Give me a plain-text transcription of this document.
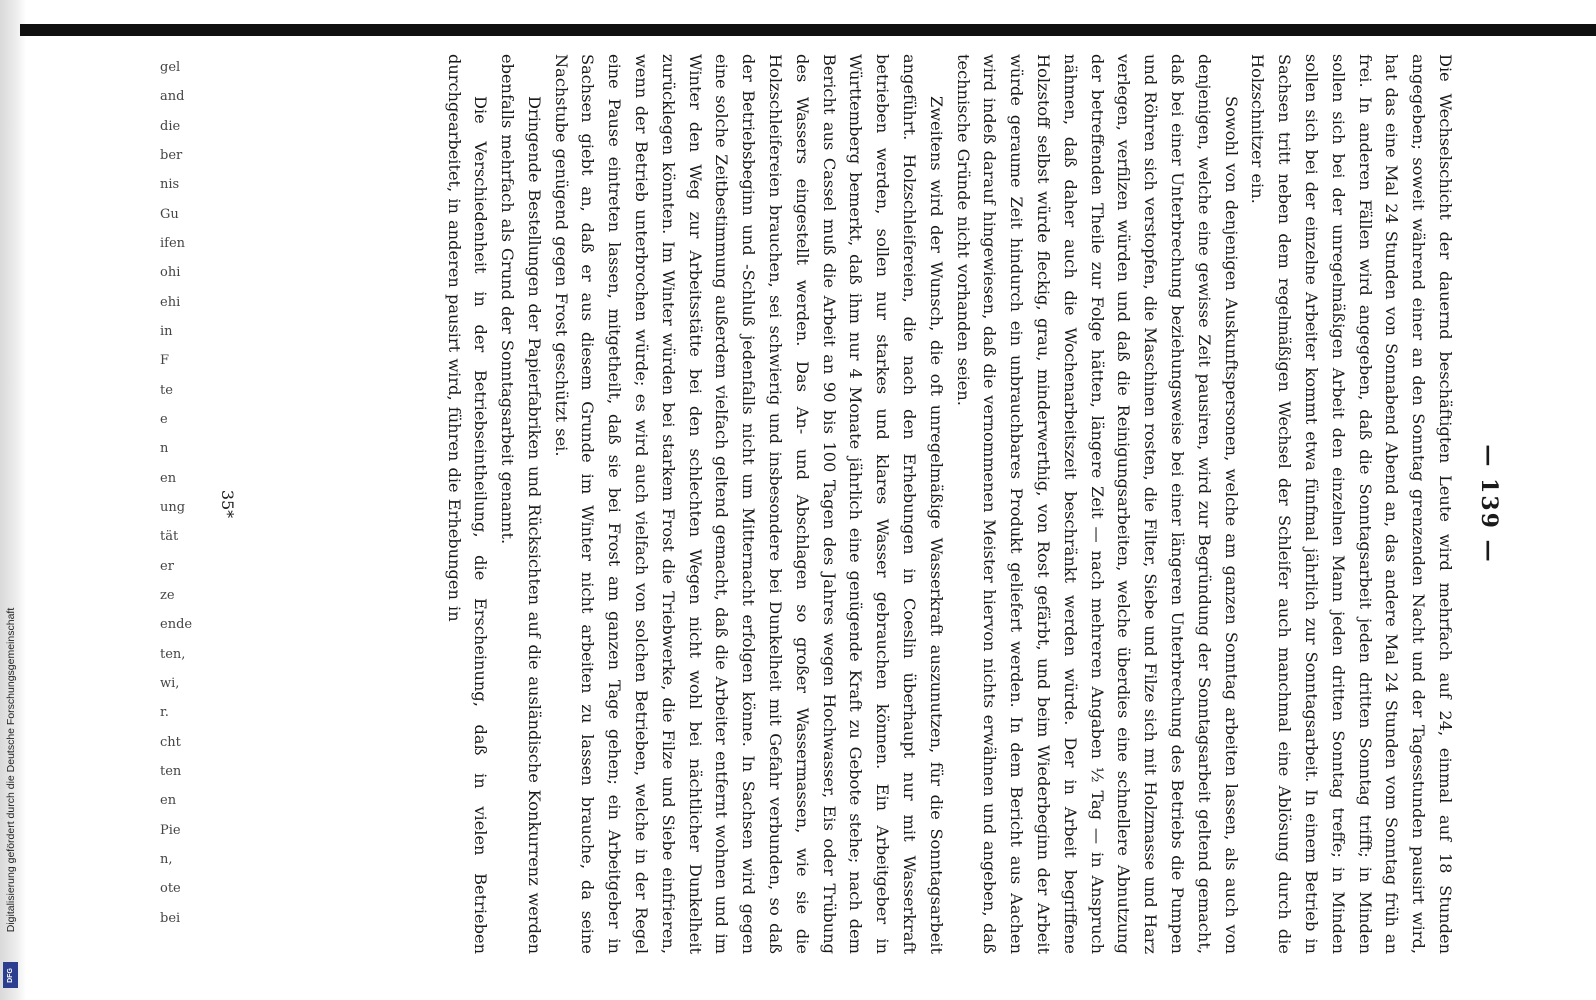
gel
and
die
ber
nis
Gu
ifen
ohi
ehi
in
F
te
e
n
en
ung
tät
er
ze
ende
ten,
wi,
r.
cht
ten
en
Pie
n,
ote
bei
— 139 —

Die Wechselschicht der dauernd beschäftigten Leute wird mehrfach auf 24, einmal auf 18 Stunden angegeben; soweit während einer an den Sonntag grenzenden Nacht und der Tagesstunden pausirt wird, hat das eine Mal 24 Stunden von Sonnabend Abend an, das andere Mal 24 Stunden vom Sonntag früh an frei. In anderen Fällen wird angegeben, daß die Sonntagsarbeit jeden dritten Sonntag trifft; in Minden sollen sich bei der unregelmäßigen Arbeit den einzelnen Mann jeden dritten Sonntag treffe; in Minden sollen sich bei der einzelne Arbeiter kommt etwa fünfmal jährlich zur Sonntagsarbeit. In einem Betrieb in Sachsen tritt neben dem regelmäßigen Wechsel der Schleifer auch manchmal eine Ablösung durch die Holzschnitzer ein.

Sowohl von denjenigen Auskunftspersonen, welche am ganzen Sonntag arbeiten lassen, als auch von denjenigen, welche eine gewisse Zeit pausiren, wird zur Begründung der Sonntagsarbeit geltend gemacht, daß bei einer Unterbrechung beziehungsweise bei einer längeren Unterbrechung des Betriebs die Pumpen und Röhren sich verstopfen, die Maschinen rosten, die Filter, Siebe und Filze sich mit Holzmasse und Harz verlegen, verfilzen würden und daß die Reinigungsarbeiten, welche überdies eine schnellere Abnutzung der betreffenden Theile zur Folge hätten, längere Zeit — nach mehreren Angaben ½ Tag — in Anspruch nähmen, daß daher auch die Wochenarbeitszeit beschränkt werden würde. Der in Arbeit begriffene Holzstoff selbst würde fleckig, grau, minderwerthig, von Rost gefärbt, und beim Wiederbeginn der Arbeit würde geraume Zeit hindurch ein unbrauchbares Produkt geliefert werden. In dem Bericht aus Aachen wird indeß darauf hingewiesen, daß die vernommenen Meister hiervon nichts erwähnen und angeben, daß technische Gründe nicht vorhanden seien.

Zweitens wird der Wunsch, die oft unregelmäßige Wasserkraft auszunutzen, für die Sonntagsarbeit angeführt. Holzschleifereien, die nach den Erhebungen in Coeslin überhaupt nur mit Wasserkraft betrieben werden, sollen nur starkes und klares Wasser gebrauchen können. Ein Arbeitgeber in Württemberg bemerkt, daß ihm nur 4 Monate jährlich eine genügende Kraft zu Gebote stehe; nach dem Bericht aus Cassel muß die Arbeit an 90 bis 100 Tagen des Jahres wegen Hochwasser, Eis oder Trübung des Wassers eingestellt werden. Das An- und Abschlagen so großer Wassermassen, wie sie die Holzschleifereien brauchen, sei schwierig und insbesondere bei Dunkelheit mit Gefahr verbunden, so daß der Betriebsbeginn und -Schluß jedenfalls nicht um Mitternacht erfolgen könne. In Sachsen wird gegen eine solche Zeitbestimmung außerdem vielfach geltend gemacht, daß die Arbeiter entfernt wohnen und im Winter den Weg zur Arbeitsstätte bei den schlechten Wegen nicht wohl bei nächtlicher Dunkelheit zurücklegen könnten. Im Winter würden bei starkem Frost die Triebwerke, die Filze und Siebe einfrieren, wenn der Betrieb unterbrochen würde; es wird auch vielfach von solchen Betrieben, welche in der Regel eine Pause eintreten lassen, mitgetheilt, daß sie bei Frost am ganzen Tage gehen; ein Arbeitgeber in Sachsen giebt an, daß er aus diesem Grunde im Winter nicht arbeiten zu lassen brauche, da seine Nachstube genügend gegen Frost geschützt sei.

Dringende Bestellungen der Papierfabriken und Rücksichten auf die ausländische Konkurrenz werden ebenfalls mehrfach als Grund der Sonntagsarbeit genannt.

Die Verschiedenheit in der Betriebseintheilung, die Erscheinung, daß in vielen Betrieben durchgearbeitet, in anderen pausirt wird, führen die Erhebungen in

35*
Digitalisierung gefördert durch die Deutsche Forschungsgemeinschaft
DFG
